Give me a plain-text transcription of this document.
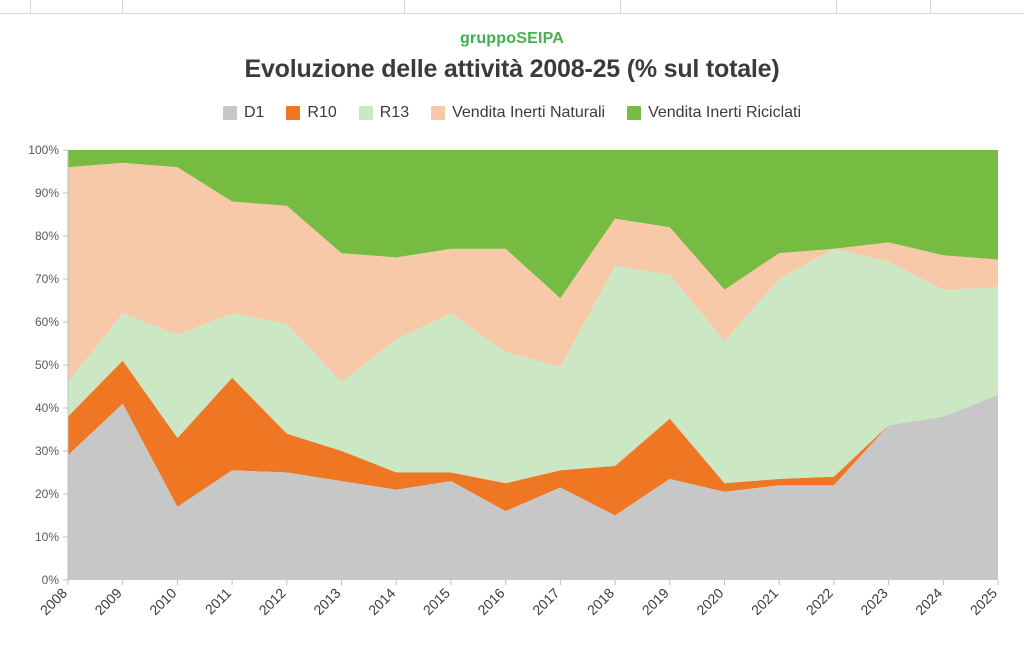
gruppoSEIPA
Evoluzione delle attività 2008-25 (% sul totale)
D1	R10	R13	Vendita Inerti Naturali	Vendita Inerti Riciclati
0%
10%
20%
30%
40%
50%
60%
70%
80%
90%
100%
2008 2009 2010 2011 2012 2013 2014 2015 2016 2017 2018 2019 2020 2021 2022 2023 2024 2025
